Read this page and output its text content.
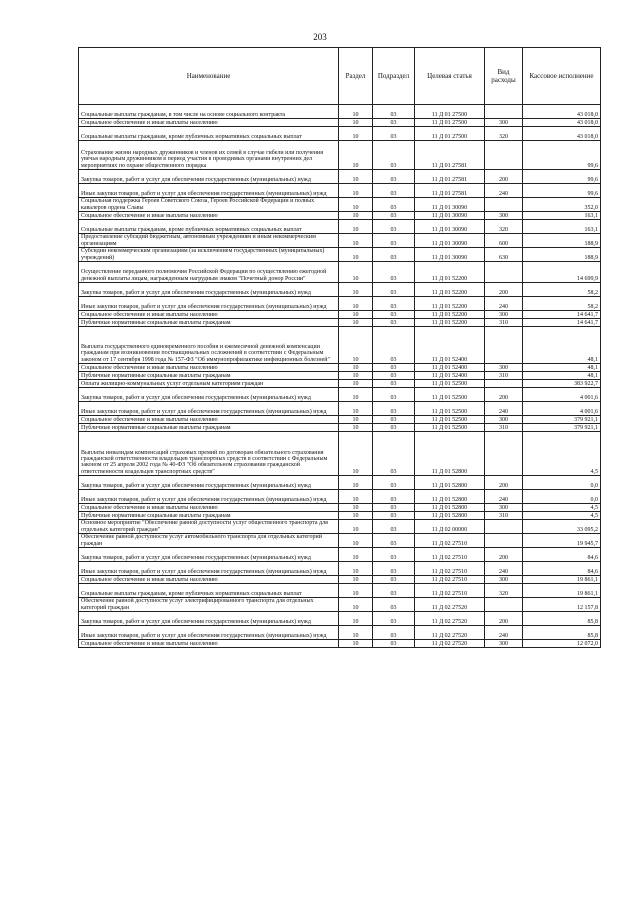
203
Наименование	Раздел	Подраздел	Целевая статья	Вид расходы	Кассовое исполнение
Социальные выплаты гражданам, в том числе на основе социального контракта	10	03	11 Д 01 27500		43 018,0
Социальное обеспечение и иные выплаты населению	10	03	11 Д 01 27500	300	43 018,0
Социальные выплаты гражданам, кроме публичных нормативных социальных выплат	10	03	11 Д 01 27500	320	43 018,0
Страхование жизни народных дружинников и членов их семей в случае гибели или получения увечья народным дружинником в период участия в проводимых органами внутренних дел мероприятиях по охране общественного порядка	10	03	11 Д 01 27581		99,6
Закупка товаров, работ и услуг для обеспечения государственных (муниципальных) нужд	10	03	11 Д 01 27581	200	99,6
Иные закупки товаров, работ и услуг для обеспечения государственных (муниципальных) нужд	10	03	11 Д 01 27581	240	99,6
Социальная поддержка Героев Советского Союза, Героев Российской Федерации и полных кавалеров ордена Славы	10	03	11 Д 01 30090		352,0
Социальное обеспечение и иные выплаты населению	10	03	11 Д 01 30090	300	163,1
Социальные выплаты гражданам, кроме публичных нормативных социальных выплат	10	03	11 Д 01 30090	320	163,1
Предоставление субсидий бюджетным, автономным учреждениям и иным некоммерческим организациям	10	03	11 Д 01 30090	600	188,9
Субсидии некоммерческим организациям (за исключением государственных (муниципальных) учреждений)	10	03	11 Д 01 30090	630	188,9
Осуществление переданного полномочия Российской Федерации по осуществлению ежегодной денежной выплаты лицам, награжденным нагрудным знаком "Почетный донор России"	10	03	11 Д 01 52200		14 699,9
Закупка товаров, работ и услуг для обеспечения государственных (муниципальных) нужд	10	03	11 Д 01 52200	200	58,2
Иные закупки товаров, работ и услуг для обеспечения государственных (муниципальных) нужд	10	03	11 Д 01 52200	240	58,2
Социальное обеспечение и иные выплаты населению	10	03	11 Д 01 52200	300	14 641,7
Публичные нормативные социальные выплаты гражданам	10	03	11 Д 01 52200	310	14 641,7
Выплата государственного единовременного пособия и ежемесячной денежной компенсации гражданам при возникновении поствакцинальных осложнений в соответствии с Федеральным законом от 17 сентября 1998 года № 157-ФЗ "Об иммунопрофилактике инфекционных болезней"	10	03	11 Д 01 52400		48,1
Социальное обеспечение и иные выплаты населению	10	03	11 Д 01 52400	300	48,1
Публичные нормативные социальные выплаты гражданам	10	03	11 Д 01 52400	310	48,1
Оплата жилищно-коммунальных услуг отдельным категориям граждан	10	03	11 Д 01 52500		383 922,7
Закупка товаров, работ и услуг для обеспечения государственных (муниципальных) нужд	10	03	11 Д 01 52500	200	4 001,6
Иные закупки товаров, работ и услуг для обеспечения государственных (муниципальных) нужд	10	03	11 Д 01 52500	240	4 001,6
Социальное обеспечение и иные выплаты населению	10	03	11 Д 01 52500	300	379 921,1
Публичные нормативные социальные выплаты гражданам	10	03	11 Д 01 52500	310	379 921,1
Выплаты инвалидам компенсаций страховых премий по договорам обязательного страхования гражданской ответственности владельцев транспортных средств в соответствии с Федеральным законом от 25 апреля 2002 года № 40-ФЗ "Об обязательном страховании гражданской ответственности владельцев транспортных средств"	10	03	11 Д 01 52800		4,5
Закупка товаров, работ и услуг для обеспечения государственных (муниципальных) нужд	10	03	11 Д 01 52800	200	0,0
Иные закупки товаров, работ и услуг для обеспечения государственных (муниципальных) нужд	10	03	11 Д 01 52800	240	0,0
Социальное обеспечение и иные выплаты населению	10	03	11 Д 01 52800	300	4,5
Публичные нормативные социальные выплаты гражданам	10	03	11 Д 01 52800	310	4,5
Основное мероприятие "Обеспечение равной доступности услуг общественного транспорта для отдельных категорий граждан"	10	03	11 Д 02 00000		33 095,2
Обеспечение равной доступности услуг автомобильного транспорта для отдельных категорий граждан	10	03	11 Д 02 27510		19 945,7
Закупка товаров, работ и услуг для обеспечения государственных (муниципальных) нужд	10	03	11 Д 02 27510	200	84,6
Иные закупки товаров, работ и услуг для обеспечения государственных (муниципальных) нужд	10	03	11 Д 02 27510	240	84,6
Социальное обеспечение и иные выплаты населению	10	03	11 Д 02 27510	300	19 861,1
Социальные выплаты гражданам, кроме публичных нормативных социальных выплат	10	03	11 Д 02 27510	320	19 861,1
Обеспечение равной доступности услуг электрифицированного транспорта для отдельных категорий граждан	10	03	11 Д 02 27520		12 157,8
Закупка товаров, работ и услуг для обеспечения государственных (муниципальных) нужд	10	03	11 Д 02 27520	200	85,8
Иные закупки товаров, работ и услуг для обеспечения государственных (муниципальных) нужд	10	03	11 Д 02 27520	240	85,8
Социальное обеспечение и иные выплаты населению	10	03	11 Д 02 27520	300	12 072,0
